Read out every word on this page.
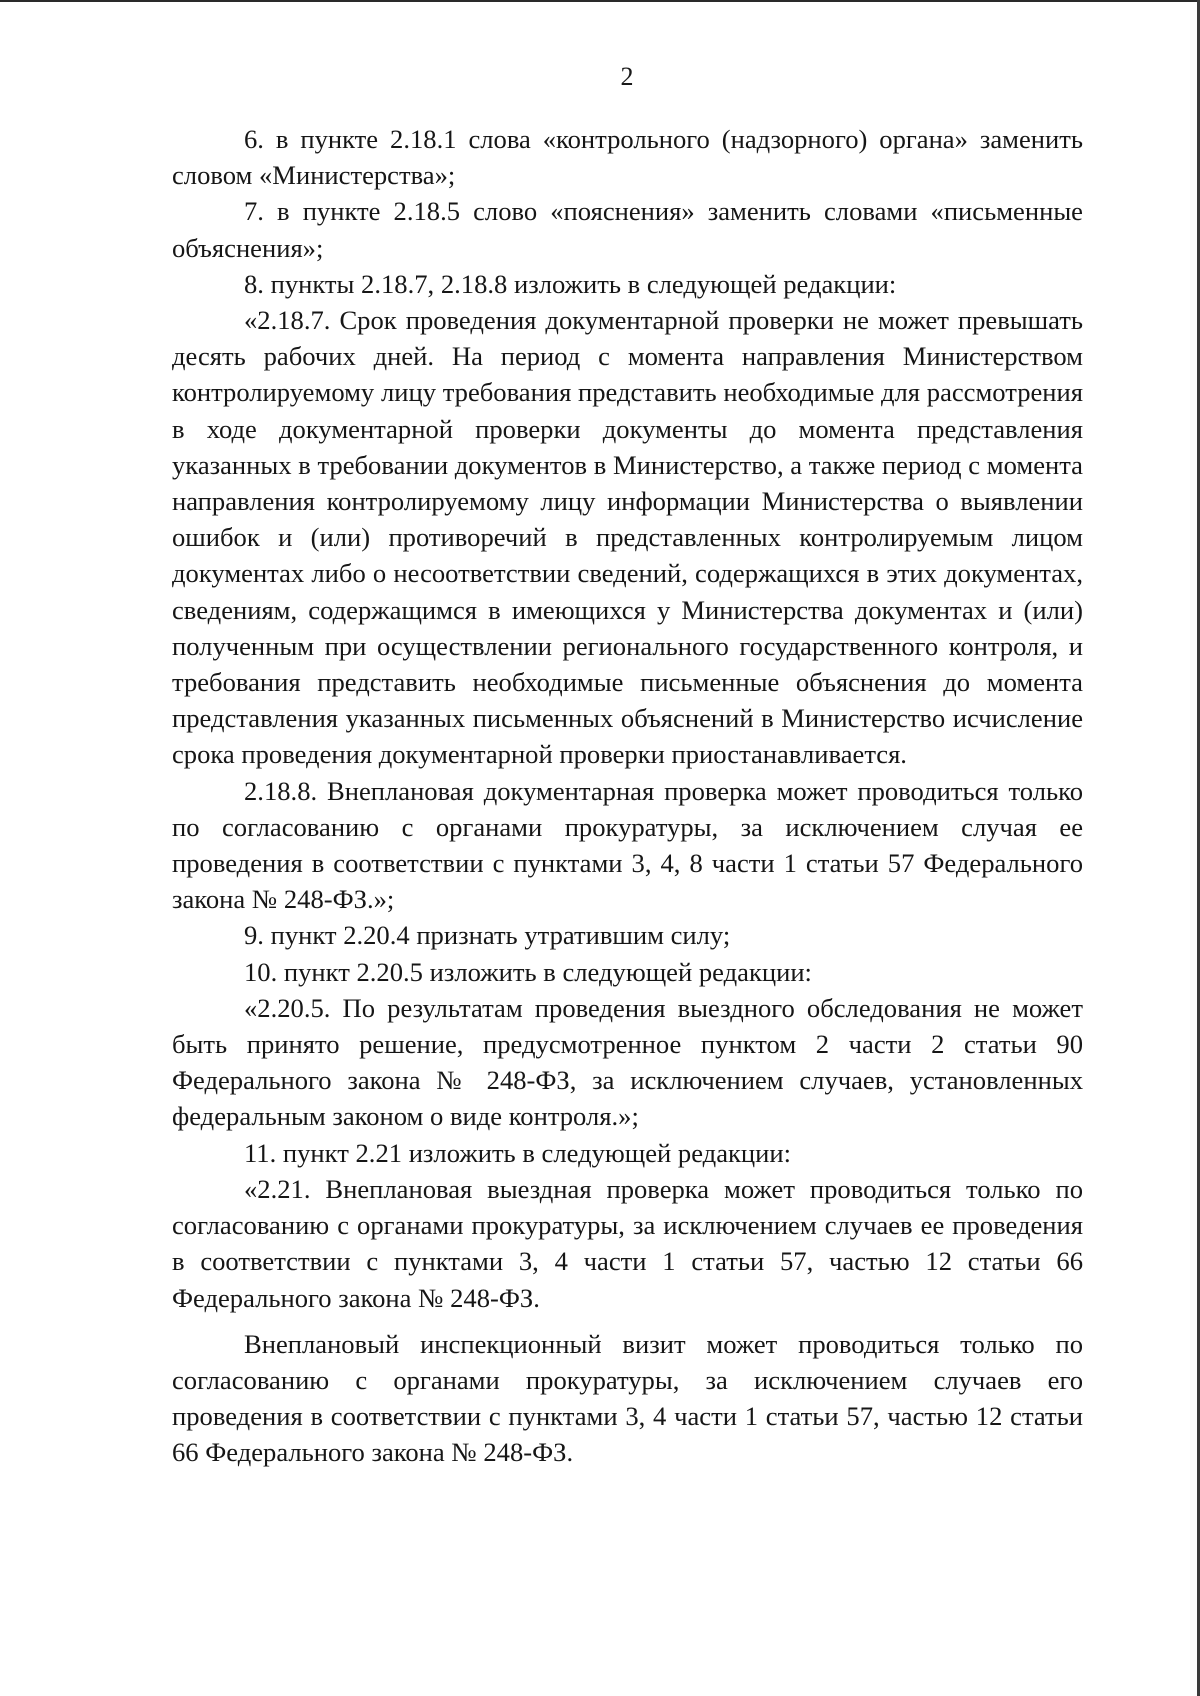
2

6. в пункте 2.18.1 слова «контрольного (надзорного) органа» заменить словом «Министерства»;

7. в пункте 2.18.5 слово «пояснения» заменить словами «письменные объяснения»;

8. пункты 2.18.7, 2.18.8 изложить в следующей редакции:

«2.18.7. Срок проведения документарной проверки не может превышать десять рабочих дней. На период с момента направления Министерством контролируемому лицу требования представить необходимые для рассмотрения в ходе документарной проверки документы до момента представления указанных в требовании документов в Министерство, а также период с момента направления контролируемому лицу информации Министерства о выявлении ошибок и (или) противоречий в представленных контролируемым лицом документах либо о несоответствии сведений, содержащихся в этих документах, сведениям, содержащимся в имеющихся у Министерства документах и (или) полученным при осуществлении регионального государственного контроля, и требования представить необходимые письменные объяснения до момента представления указанных письменных объяснений в Министерство исчисление срока проведения документарной проверки приостанавливается.

2.18.8. Внеплановая документарная проверка может проводиться только по согласованию с органами прокуратуры, за исключением случая ее проведения в соответствии с пунктами 3, 4, 8 части 1 статьи 57 Федерального закона № 248-ФЗ.»;

9. пункт 2.20.4 признать утратившим силу;

10. пункт 2.20.5 изложить в следующей редакции:

«2.20.5. По результатам проведения выездного обследования не может быть принято решение, предусмотренное пунктом 2 части 2 статьи 90 Федерального закона № 248-ФЗ, за исключением случаев, установленных федеральным законом о виде контроля.»;

11. пункт 2.21 изложить в следующей редакции:

«2.21. Внеплановая выездная проверка может проводиться только по согласованию с органами прокуратуры, за исключением случаев ее проведения в соответствии с пунктами 3, 4 части 1 статьи 57, частью 12 статьи 66 Федерального закона № 248-ФЗ.

Внеплановый инспекционный визит может проводиться только по согласованию с органами прокуратуры, за исключением случаев его проведения в соответствии с пунктами 3, 4 части 1 статьи 57, частью 12 статьи 66 Федерального закона № 248-ФЗ.
